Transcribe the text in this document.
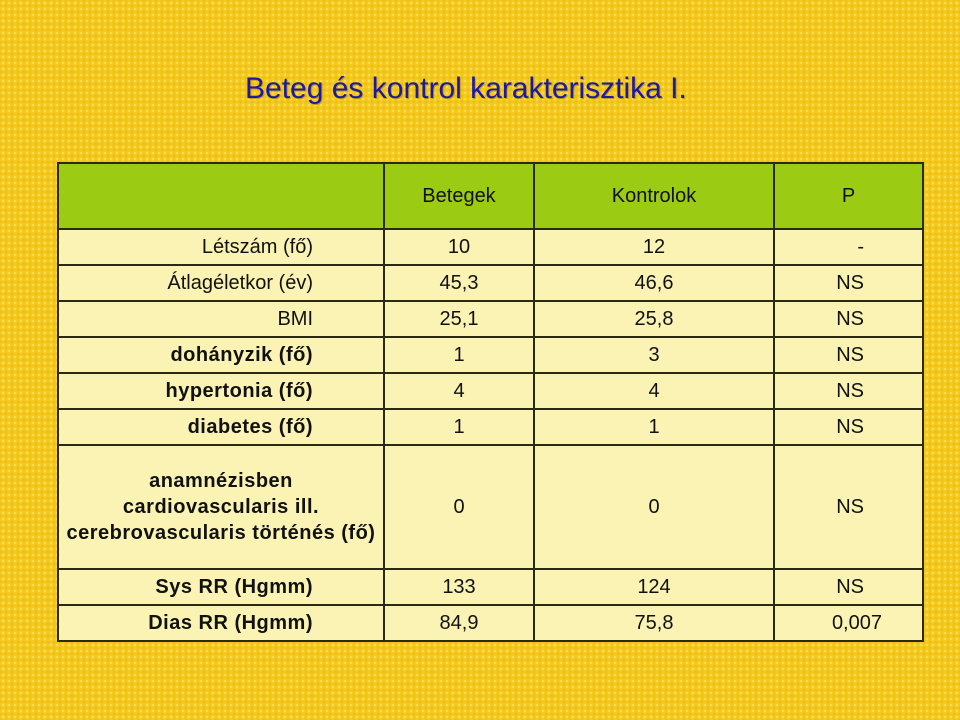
Beteg és kontrol karakterisztika I.
	Betegek	Kontrolok	P
Létszám (fő)	10	12	-
Átlagéletkor (év)	45,3	46,6	NS
BMI	25,1	25,8	NS
dohányzik (fő)	1	3	NS
hypertonia (fő)	4	4	NS
diabetes (fő)	1	1	NS
anamnézisben cardiovascularis ill. cerebrovascularis történés (fő)	0	0	NS
Sys RR (Hgmm)	133	124	NS
Dias RR (Hgmm)	84,9	75,8	0,007
